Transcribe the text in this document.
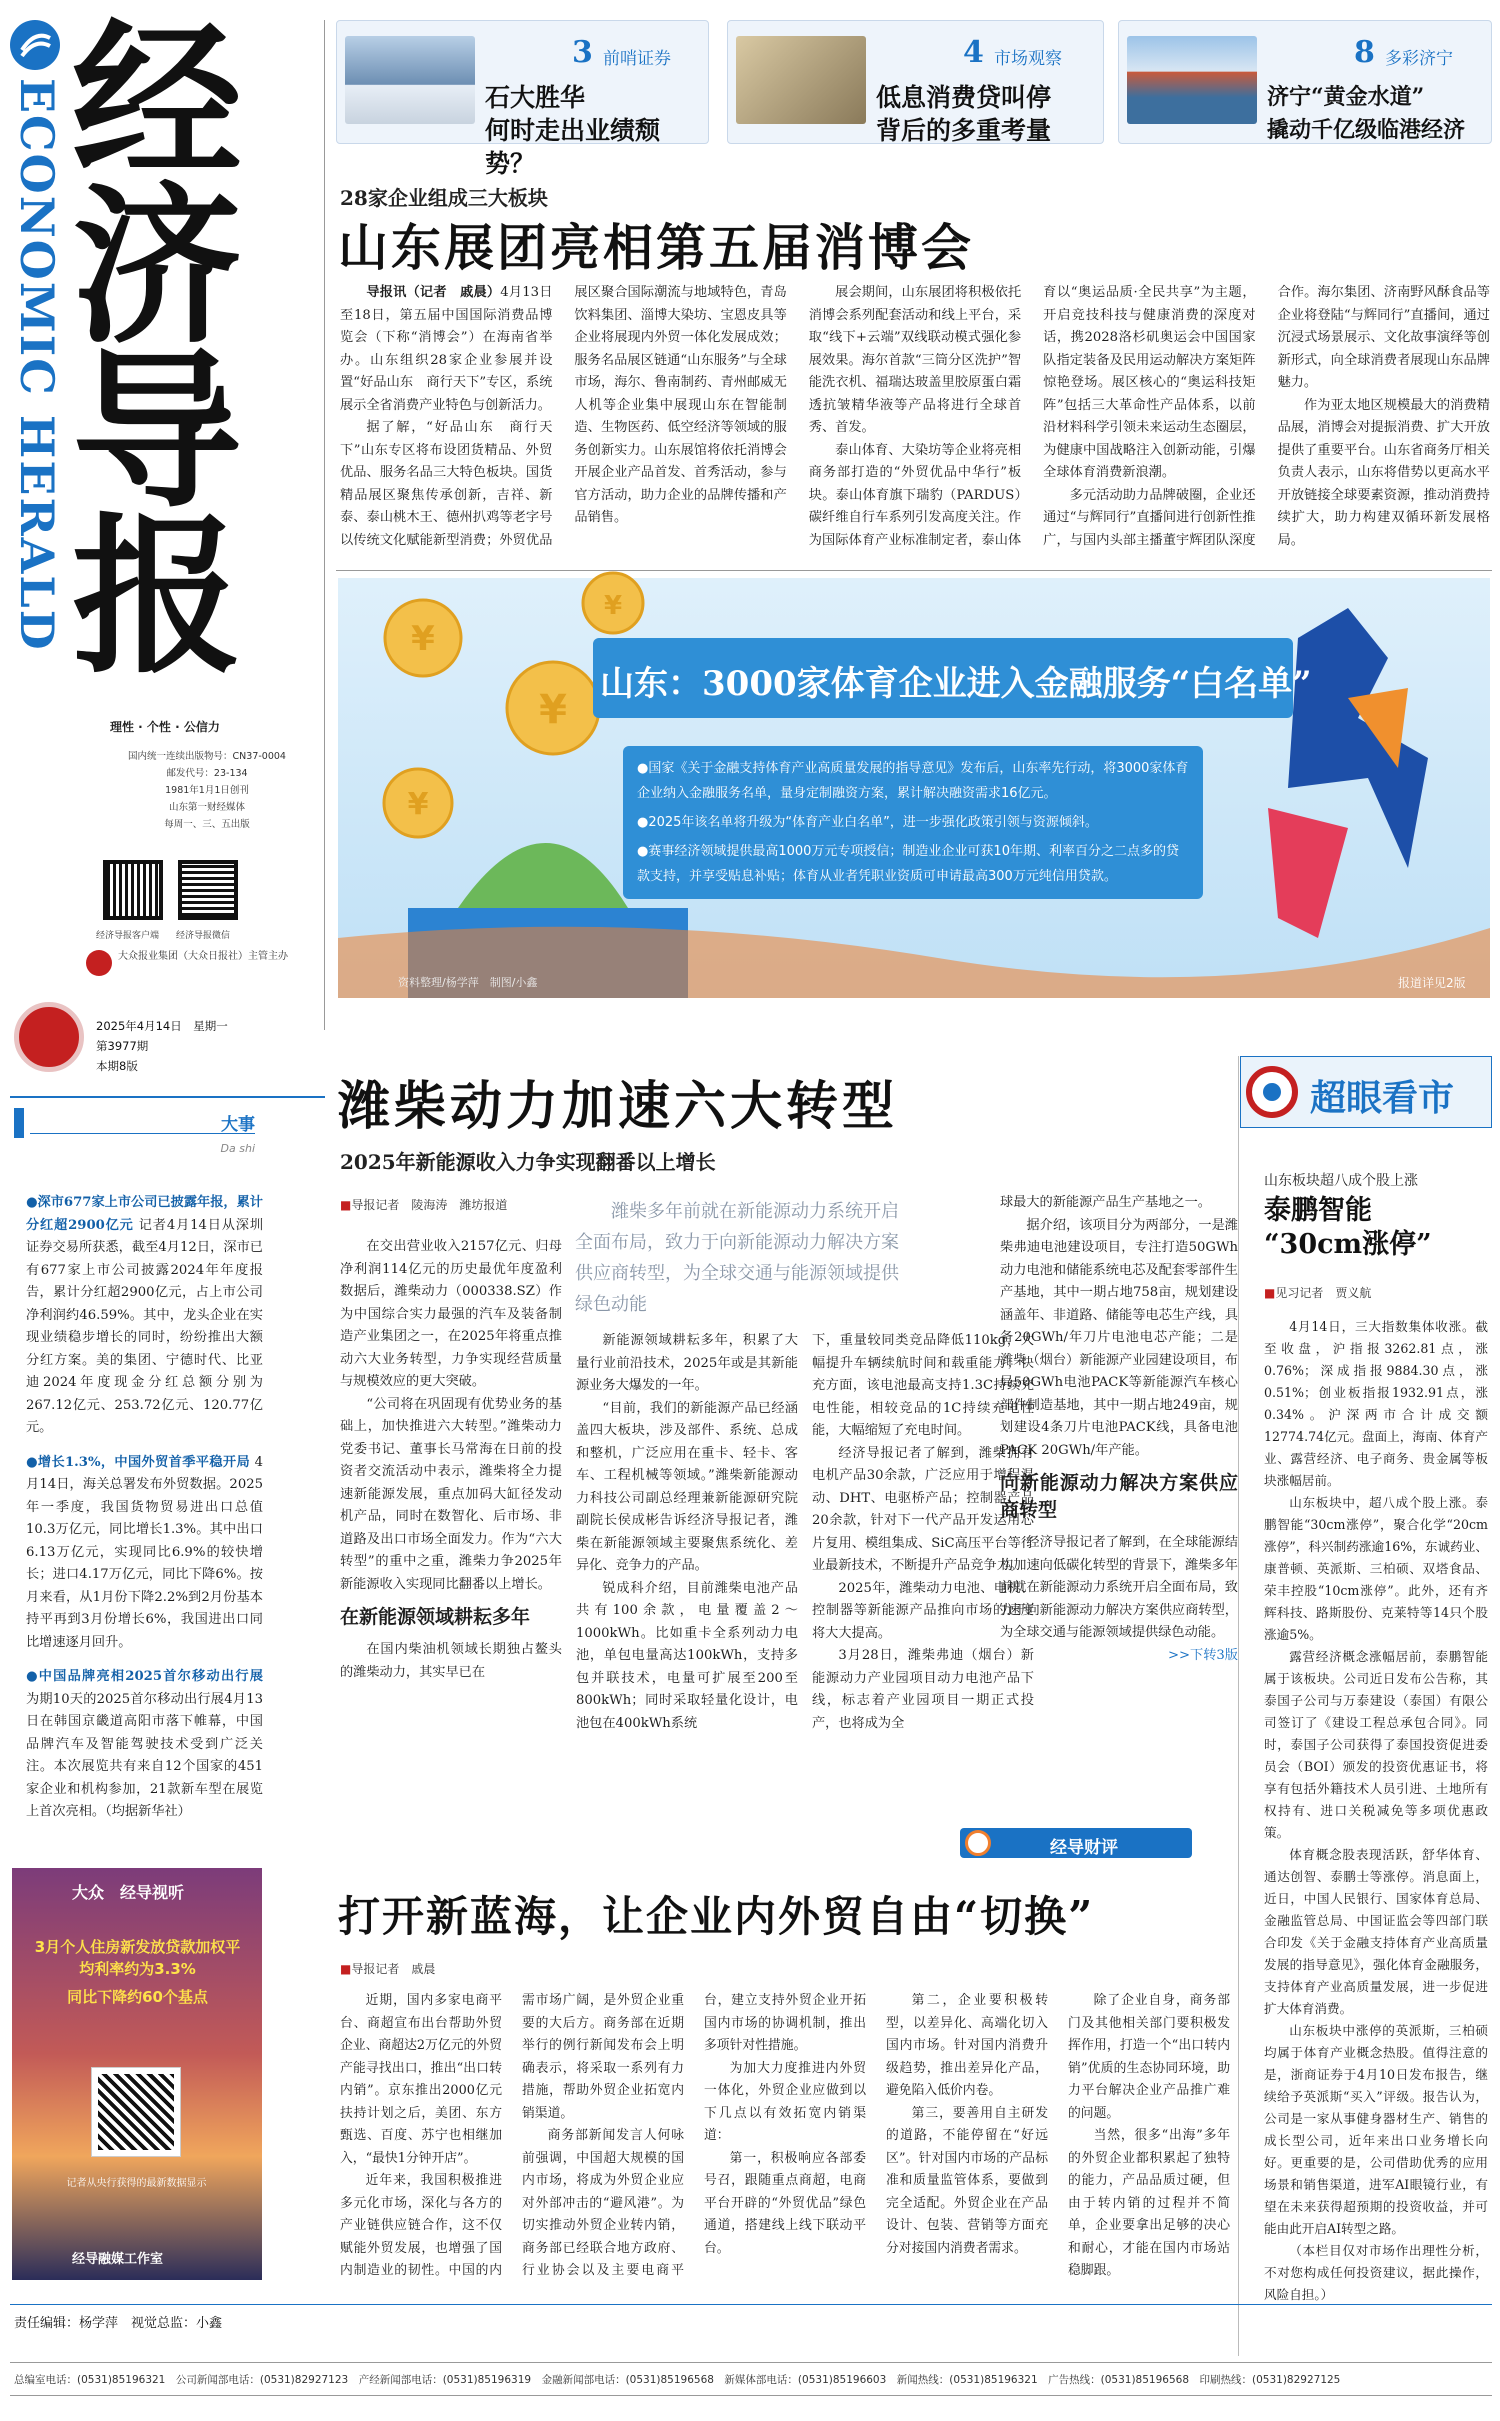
ECONOMIC HERALD 经
济
导
报
理性 · 个性 · 公信力
国内统一连续出版物号：CN37-0004
邮发代号：23-134
1981年1月1日创刊
山东第一财经媒体
每周一、三、五出版
经济导报客户端 经济导报微信
大众报业集团（大众日报社）主管主办
2025年4月14日　星期一
第3977期
本期8版
3 前哨证券
石大胜华
何时走出业绩颓势？
4 市场观察
低息消费贷叫停
背后的多重考量
8 多彩济宁
济宁“黄金水道”
撬动千亿级临港经济
28家企业组成三大板块
山东展团亮相第五届消博会

导报讯（记者　戚晨）4月13日至18日，第五届中国国际消费品博览会（下称“消博会”）在海南省举办。山东组织28家企业参展并设置“好品山东　商行天下”专区，系统展示全省消费产业特色与创新活力。

据了解，“好品山东　商行天下”山东专区将布设团货精品、外贸优品、服务名品三大特色板块。国货精品展区聚焦传承创新，吉祥、新泰、泰山桃木王、德州扒鸡等老字号以传统文化赋能新型消费；外贸优品展区聚合国际潮流与地域特色，青岛饮料集团、淄博大染坊、宝恩皮具等企业将展现内外贸一体化发展成效；服务名品展区链通“山东服务”与全球市场，海尔、鲁南制药、青州邮威无人机等企业集中展现山东在智能制造、生物医药、低空经济等领域的服务创新实力。山东展馆将依托消博会开展企业产品首发、首秀活动，参与官方活动，助力企业的品牌传播和产品销售。

展会期间，山东展团将积极依托消博会系列配套活动和线上平台，采取“线下+云端”双线联动模式强化参展效果。海尔首款“三筒分区洗护”智能洗衣机、福瑞达玻盖里胶原蛋白霜透抗皱精华液等产品将进行全球首秀、首发。

泰山体育、大染坊等企业将亮相商务部打造的“外贸优品中华行”板块。泰山体育旗下瑞豹（PARDUS）碳纤维自行车系列引发高度关注。作为国际体育产业标准制定者，泰山体育以“奥运品质·全民共享”为主题，开启竞技科技与健康消费的深度对话，携2028洛杉矶奥运会中国国家队指定装备及民用运动解决方案矩阵惊艳登场。展区核心的“奥运科技矩阵”包括三大革命性产品体系，以前沿材料科学引领未来运动生态圈层，为健康中国战略注入创新动能，引爆全球体育消费新浪潮。

多元活动助力品牌破圈，企业还通过“与辉同行”直播间进行创新性推广，与国内头部主播董宇辉团队深度合作。海尔集团、济南野风酥食品等企业将登陆“与辉同行”直播间，通过沉浸式场景展示、文化故事演绎等创新形式，向全球消费者展现山东品牌魅力。

作为亚太地区规模最大的消费精品展，消博会对提振消费、扩大开放提供了重要平台。山东省商务厅相关负责人表示，山东将借势以更高水平开放链接全球要素资源，推动消费持续扩大，助力构建双循环新发展格局。

¥
¥
¥
¥
山东：3000家体育企业进入金融服务“白名单”
●国家《关于金融支持体育产业高质量发展的指导意见》发布后，山东率先行动，将3000家体育企业纳入金融服务名单，量身定制融资方案，累计解决融资需求16亿元。
●2025年该名单将升级为“体育产业白名单”，进一步强化政策引领与资源倾斜。
●赛事经济领域提供最高1000万元专项授信；制造业企业可获10年期、利率百分之二点多的贷款支持，并享受贴息补贴；体育从业者凭职业资质可申请最高300万元纯信用贷款。
资料整理/杨学萍　制图/小鑫	报道详见2版
大事
Da shi
●深市677家上市公司已披露年报，累计分红超2900亿元 记者4月14日从深圳证券交易所获悉，截至4月12日，深市已有677家上市公司披露2024年年度报告，累计分红超2900亿元，占上市公司净利润约46.59%。其中，龙头企业在实现业绩稳步增长的同时，纷纷推出大额分红方案。美的集团、宁德时代、比亚迪2024年度现金分红总额分别为267.12亿元、253.72亿元、120.77亿元。
●增长1.3%，中国外贸首季平稳开局 4月14日，海关总署发布外贸数据。2025年一季度，我国货物贸易进出口总值10.3万亿元，同比增长1.3%。其中出口6.13万亿元，实现同比6.9%的较快增长；进口4.17万亿元，同比下降6%。按月来看，从1月份下降2.2%到2月份基本持平再到3月份增长6%，我国进出口同比增速逐月回升。
●中国品牌亮相2025首尔移动出行展 为期10天的2025首尔移动出行展4月13日在韩国京畿道高阳市落下帷幕，中国品牌汽车及智能驾驶技术受到广泛关注。本次展览共有来自12个国家的451家企业和机构参加，21款新车型在展览上首次亮相。（均据新华社）
大众　经导视听
3月个人住房新发放贷款加权平均利率约为3.3%
同比下降约60个基点
记者从央行获得的最新数据显示
经导融媒工作室
潍柴动力加速六大转型
2025年新能源收入力争实现翻番以上增长
■导报记者　陵海涛　潍坊报道	潍柴多年前就在新能源动力系统开启全面布局，致力于向新能源动力解决方案供应商转型，为全球交通与能源领域提供绿色动能

在交出营业收入2157亿元、归母净利润114亿元的历史最优年度盈利数据后，潍柴动力（000338.SZ）作为中国综合实力最强的汽车及装备制造产业集团之一，在2025年将重点推动六大业务转型，力争实现经营质量与规模效应的更大突破。

“公司将在巩固现有优势业务的基础上，加快推进六大转型。”潍柴动力党委书记、董事长马常海在日前的投资者交流活动中表示，潍柴将全力提速新能源发展，重点加码大缸径发动机产品，同时在数智化、后市场、非道路及出口市场全面发力。作为“六大转型”的重中之重，潍柴力争2025年新能源收入实现同比翻番以上增长。

在新能源领域耕耘多年

在国内柴油机领域长期独占鳌头的潍柴动力，其实早已在

新能源领域耕耘多年，积累了大量行业前沿技术，2025年或是其新能源业务大爆发的一年。

“目前，我们的新能源产品已经涵盖四大板块，涉及部件、系统、总成和整机，广泛应用在重卡、轻卡、客车、工程机械等领域。”潍柴新能源动力科技公司副总经理兼新能源研究院副院长侯成彬告诉经济导报记者，潍柴在新能源领域主要聚焦系统化、差异化、竞争力的产品。

锐成科介绍，目前潍柴电池产品共有100余款，电量覆盖2～1000kWh。比如重卡全系列动力电池，单包电量高达100kWh，支持多包并联技术，电量可扩展至200至800kWh；同时采取轻量化设计，电池包在400kWh系统

下，重量较同类竞品降低110kg，大幅提升车辆续航时间和载重能力；快充方面，该电池最高支持1.3C持续充电性能，相较竞品的1C持续充电性能，大幅缩短了充电时间。

经济导报记者了解到，潍柴拥有电机产品30余款，广泛应用于增程混动、DHT、电驱桥产品；控制器产品20余款，针对下一代产品开发运用芯片复用、模组集成、SiC高压平台等行业最新技术，不断提升产品竞争力。

2025年，潍柴动力电池、电机、控制器等新能源产品推向市场的速度将大大提高。

3月28日，潍柴弗迪（烟台）新能源动力产业园项目动力电池产品下线，标志着产业园项目一期正式投产，也将成为全

球最大的新能源产品生产基地之一。

据介绍，该项目分为两部分，一是潍柴弗迪电池建设项目，专注打造50GWh动力电池和储能系统电芯及配套零部件生产基地，其中一期占地758亩，规划建设涵盖年、非道路、储能等电芯生产线，具备20GWh/年刀片电池电芯产能；二是潍柴（烟台）新能源产业园建设项目，布局50GWh电池PACK等新能源汽车核心部件制造基地，其中一期占地249亩，规划建设4条刀片电池PACK线，具备电池PACK 20GWh/年产能。

向新能源动力解决方案供应商转型

经济导报记者了解到，在全球能源结构加速向低碳化转型的背景下，潍柴多年前就在新能源动力系统开启全面布局，致力于向新能源动力解决方案供应商转型，为全球交通与能源领域提供绿色动能。

>>下转3版
经导财评
打开新蓝海，让企业内外贸自由“切换”
■导报记者　戚晨

近期，国内多家电商平台、商超宣布出台帮助外贸企业、商超达2万亿元的外贸产能寻找出口，推出“出口转内销”。京东推出2000亿元扶持计划之后，美团、东方甄选、百度、苏宁也相继加入，“最快1分钟开店”。

近年来，我国积极推进多元化市场，深化与各方的产业链供应链合作，这不仅赋能外贸发展，也增强了国内制造业的韧性。中国的内需市场广阔，是外贸企业重要的大后方。商务部在近期举行的例行新闻发布会上明确表示，将采取一系列有力措施，帮助外贸企业拓宽内销渠道。

商务部新闻发言人何咏前强调，中国超大规模的国内市场，将成为外贸企业应对外部冲击的“避风港”。为切实推动外贸企业转内销，商务部已经联合地方政府、行业协会以及主要电商平台，建立支持外贸企业开拓国内市场的协调机制，推出多项针对性措施。

为加大力度推进内外贸一体化，外贸企业应做到以下几点以有效拓宽内销渠道：

第一，积极响应各部委号召，跟随重点商超，电商平台开辟的“外贸优品”绿色通道，搭建线上线下联动平台。

第二，企业要积极转型，以差异化、高端化切入国内市场。针对国内消费升级趋势，推出差异化产品，避免陷入低价内卷。

第三，要善用自主研发的道路，不能停留在“好远区”。针对国内市场的产品标准和质量监管体系，要做到完全适配。外贸企业在产品设计、包装、营销等方面充分对接国内消费者需求。

除了企业自身，商务部门及其他相关部门要积极发挥作用，打造一个“出口转内销”优质的生态协同环境，助力平台解决企业产品推广难的问题。

当然，很多“出海”多年的外贸企业都积累起了独特的能力，产品品质过硬，但由于转内销的过程并不简单，企业要拿出足够的决心和耐心，才能在国内市场站稳脚跟。

超眼看市
山东板块超八成个股上涨
泰鹏智能
“30cm涨停”
■见习记者　贾义航

4月14日，三大指数集体收涨。截至收盘，沪指报3262.81点，涨0.76%；深成指报9884.30点，涨0.51%；创业板指报1932.91点，涨0.34%。沪深两市合计成交额12774.74亿元。盘面上，海南、体育产业、露营经济、电子商务、贵金属等板块涨幅居前。

山东板块中，超八成个股上涨。泰鹏智能“30cm涨停”，聚合化学“20cm涨停”，科兴制药涨逾16%，东诚药业、康普顿、英派斯、三柏硕、双塔食品、荣丰控股“10cm涨停”。此外，还有齐辉科技、路斯股份、克莱特等14只个股涨逾5%。

露营经济概念涨幅居前，泰鹏智能属于该板块。公司近日发布公告称，其泰国子公司与万泰建设（泰国）有限公司签订了《建设工程总承包合同》。同时，泰国子公司获得了泰国投资促进委员会（BOI）颁发的投资优惠证书，将享有包括外籍技术人员引进、土地所有权持有、进口关税减免等多项优惠政策。

体育概念股表现活跃，舒华体育、通达创智、泰鹏士等涨停。消息面上，近日，中国人民银行、国家体育总局、金融监管总局、中国证监会等四部门联合印发《关于金融支持体育产业高质量发展的指导意见》，强化体育金融服务，支持体育产业高质量发展，进一步促进扩大体育消费。

山东板块中涨停的英派斯，三柏硕均属于体育产业概念热股。值得注意的是，浙商证券于4月10日发布报告，继续给予英派斯“买入”评级。报告认为，公司是一家从事健身器材生产、销售的成长型公司，近年来出口业务增长向好。更重要的是，公司借助优秀的应用场景和销售渠道，进军AI眼镜行业，有望在未来获得超预期的投资收益，并可能由此开启AI转型之路。

（本栏目仅对市场作出理性分析，不对您构成任何投资建议，据此操作，风险自担。）

责任编辑：杨学萍　视觉总监：小鑫
总编室电话：(0531)85196321　公司新闻部电话：(0531)82927123　产经新闻部电话：(0531)85196319　金融新闻部电话：(0531)85196568　新媒体部电话：(0531)85196603　新闻热线：(0531)85196321　广告热线：(0531)85196568　印刷热线：(0531)82927125
